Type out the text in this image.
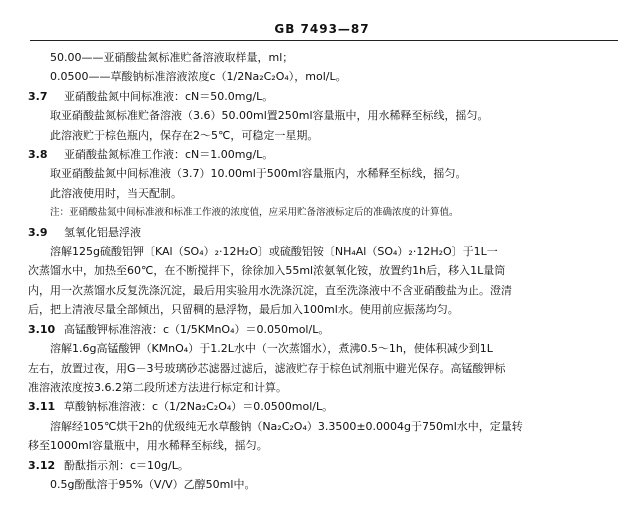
GB 7493—87
50.00——亚硝酸盐氮标准贮备溶液取样量，ml；
0.0500——草酸钠标准溶液浓度c（1/2Na₂C₂O₄），mol/L。
3.7 亚硝酸盐氮中间标准液：cN＝50.0mg/L。
取亚硝酸盐氮标准贮备溶液（3.6）50.00ml置250ml容量瓶中，用水稀释至标线，摇匀。
此溶液贮于棕色瓶内，保存在2～5℃，可稳定一星期。
3.8 亚硝酸盐氮标准工作液：cN＝1.00mg/L。
取亚硝酸盐氮中间标准液（3.7）10.00ml于500ml容量瓶内，水稀释至标线，摇匀。
此溶液使用时，当天配制。
注：亚硝酸盐氮中间标准液和标准工作液的浓度值，应采用贮备溶液标定后的准确浓度的计算值。
3.9 氢氧化铝悬浮液
溶解125g硫酸铝钾〔KAl（SO₄）₂·12H₂O〕或硫酸铝铵〔NH₄Al（SO₄）₂·12H₂O〕于1L一
次蒸馏水中，加热至60℃，在不断搅拌下，徐徐加入55ml浓氨氧化铵，放置约1h后，移入1L量筒
内，用一次蒸馏水反复洗涤沉淀，最后用实验用水洗涤沉淀，直至洗涤液中不含亚硝酸盐为止。澄清
后，把上清液尽量全部倾出，只留稠的悬浮物，最后加入100ml水。使用前应振荡均匀。
3.10 高锰酸钾标准溶液：c（1/5KMnO₄）＝0.050mol/L。
溶解1.6g高锰酸钾（KMnO₄）于1.2L水中（一次蒸馏水），煮沸0.5～1h，使体积减少到1L
左右，放置过夜，用G－3号玻璃砂芯滤器过滤后，滤液贮存于棕色试剂瓶中避光保存。高锰酸钾标
准溶液浓度按3.6.2第二段所述方法进行标定和计算。
3.11 草酸钠标准溶液：c（1/2Na₂C₂O₄）＝0.0500mol/L。
溶解经105℃烘干2h的优级纯无水草酸钠（Na₂C₂O₄）3.3500±0.0004g于750ml水中，定量转
移至1000ml容量瓶中，用水稀释至标线，摇匀。
3.12 酚酞指示剂：c＝10g/L。
0.5g酚酞溶于95%（V/V）乙醇50ml中。
